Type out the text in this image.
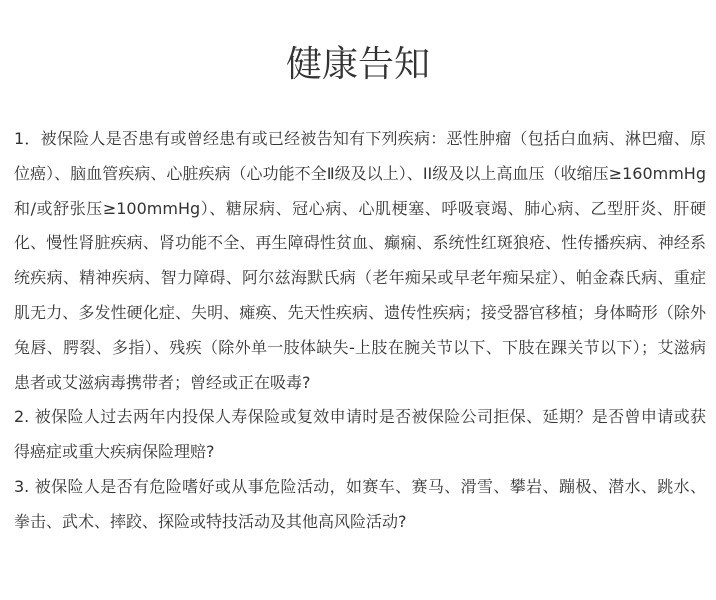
健康告知
1．被保险人是否患有或曾经患有或已经被告知有下列疾病：恶性肿瘤（包括白血病、淋巴瘤、原位癌）、脑血管疾病、心脏疾病（心功能不全Ⅱ级及以上）、II级及以上高血压（收缩压≥160mmHg和/或舒张压≥100mmHg）、糖尿病、冠心病、心肌梗塞、呼吸衰竭、肺心病、乙型肝炎、肝硬化、慢性肾脏疾病、肾功能不全、再生障碍性贫血、癫痫、系统性红斑狼疮、性传播疾病、神经系统疾病、精神疾病、智力障碍、阿尔兹海默氏病（老年痴呆或早老年痴呆症）、帕金森氏病、重症肌无力、多发性硬化症、失明、瘫痪、先天性疾病、遗传性疾病；接受器官移植；身体畸形（除外兔唇、腭裂、多指）、残疾（除外单一肢体缺失-上肢在腕关节以下、下肢在踝关节以下）；艾滋病患者或艾滋病毒携带者；曾经或正在吸毒?
2. 被保险人过去两年内投保人寿保险或复效申请时是否被保险公司拒保、延期？是否曾申请或获得癌症或重大疾病保险理赔?
3. 被保险人是否有危险嗜好或从事危险活动，如赛车、赛马、滑雪、攀岩、蹦极、潜水、跳水、拳击、武术、摔跤、探险或特技活动及其他高风险活动?
